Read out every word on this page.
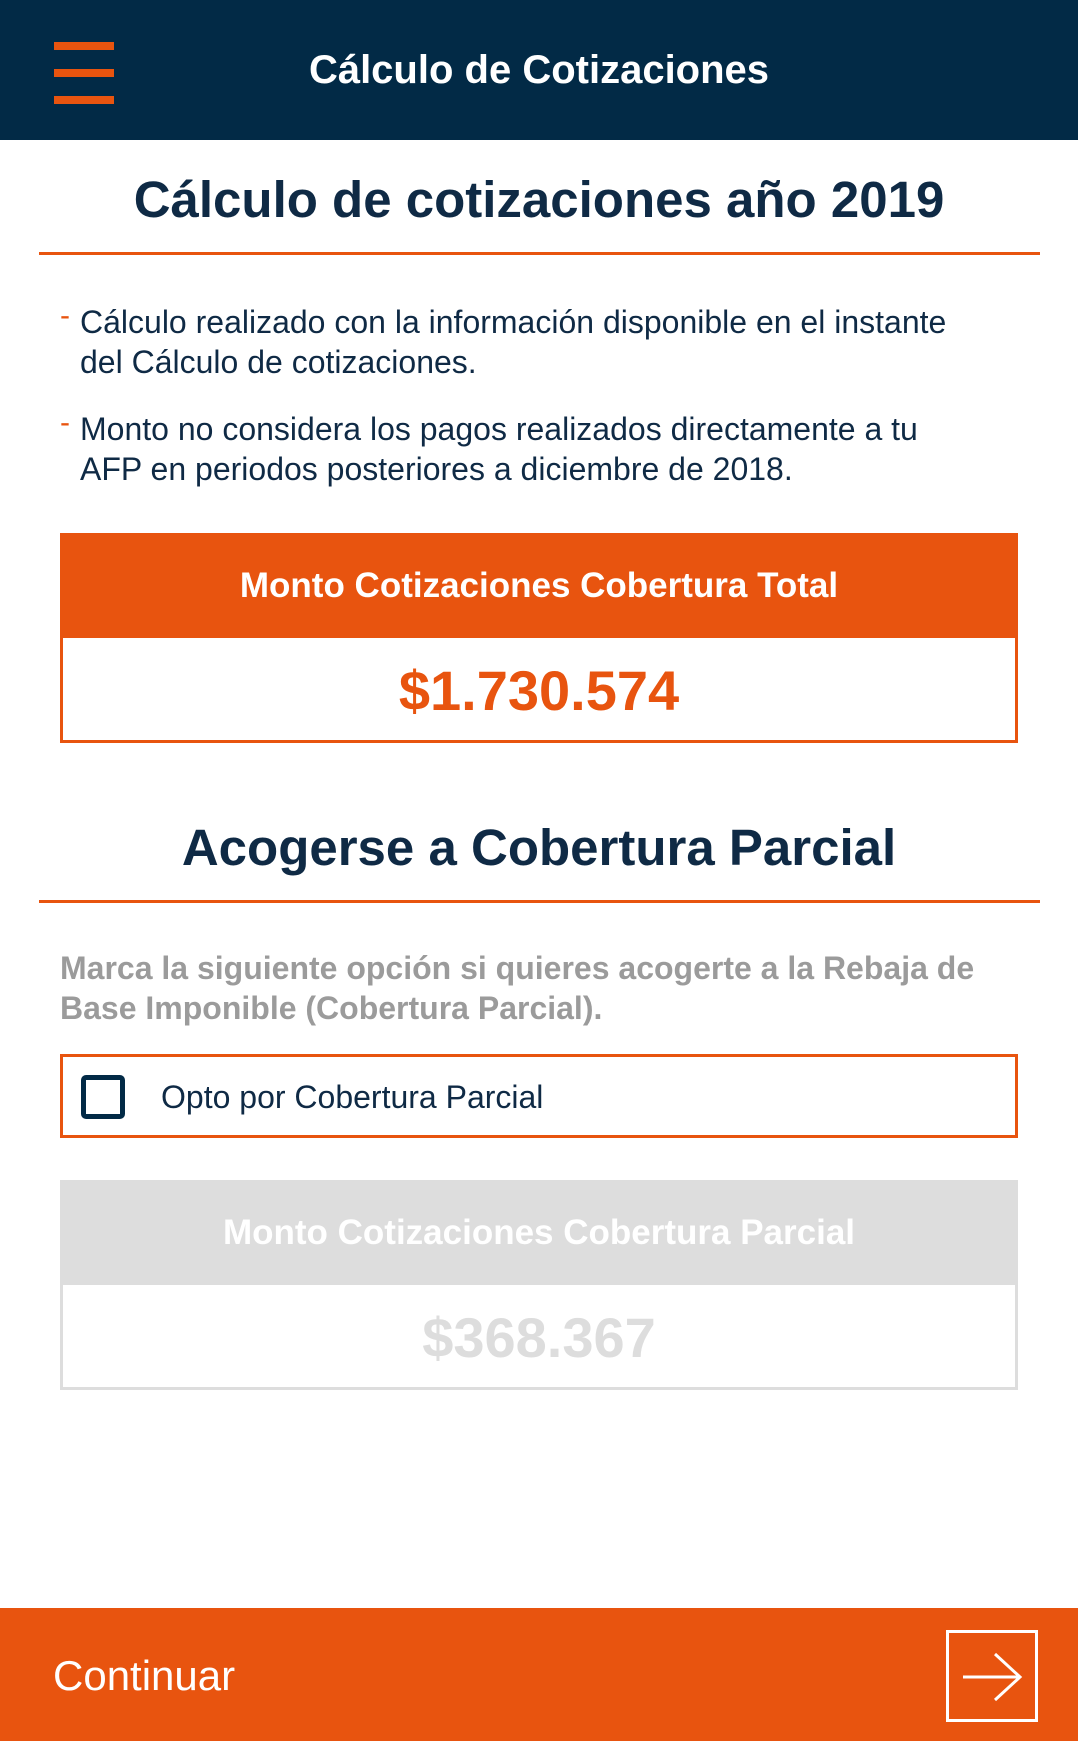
Cálculo de Cotizaciones
Cálculo de cotizaciones año 2019
- Cálculo realizado con la información disponible en el instante
del Cálculo de cotizaciones.
- Monto no considera los pagos realizados directamente a tu
AFP en periodos posteriores a diciembre de 2018.
Monto Cotizaciones Cobertura Total
$1.730.574
Acogerse a Cobertura Parcial
Marca la siguiente opción si quieres acogerte a la Rebaja de
Base Imponible (Cobertura Parcial).
Opto por Cobertura Parcial
Monto Cotizaciones Cobertura Parcial
$368.367
Continuar
